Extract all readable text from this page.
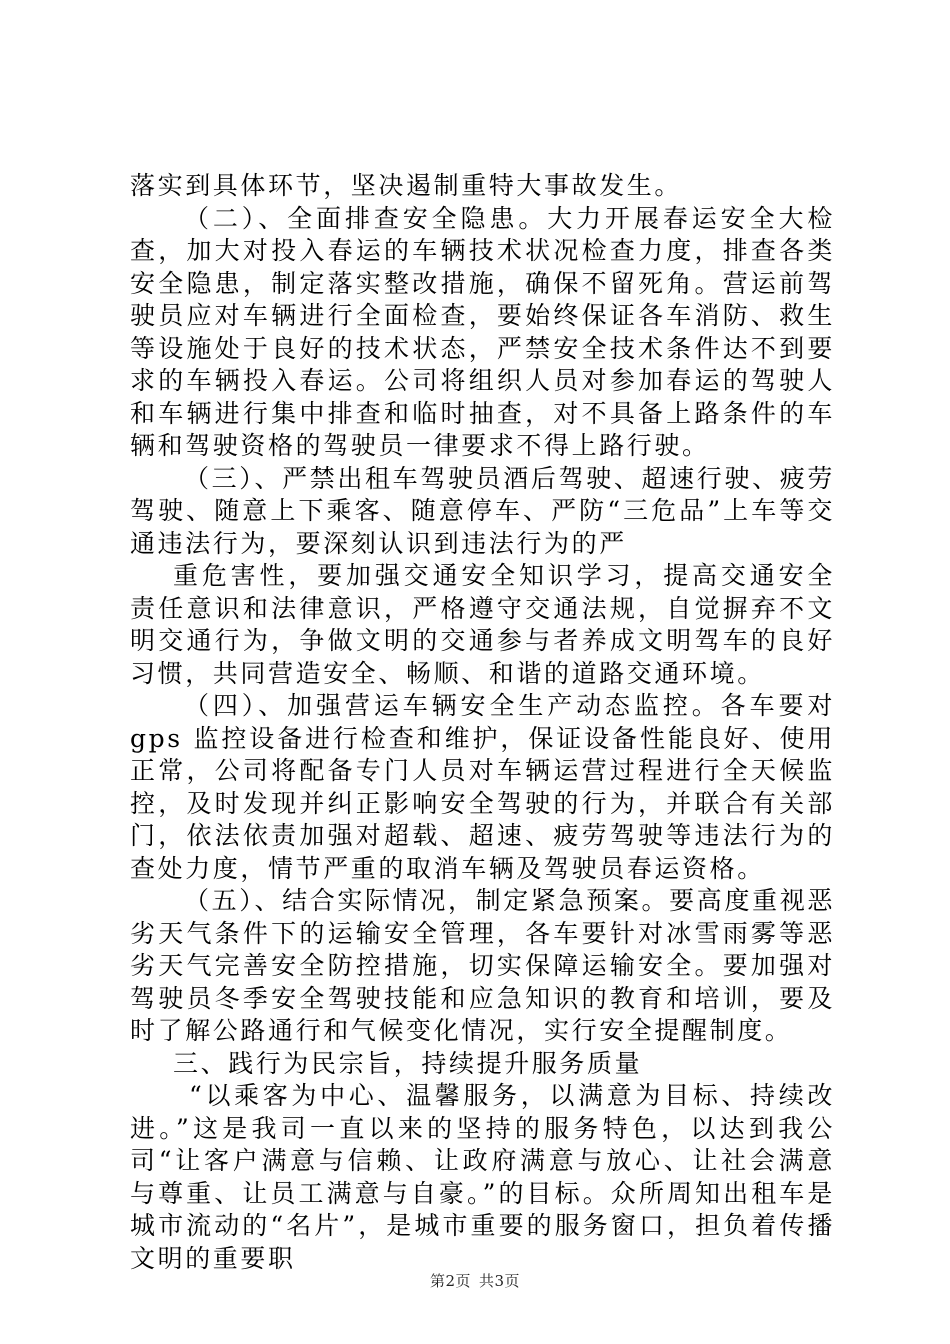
落实到具体环节，坚决遏制重特大事故发生。

（二）、全面排查安全隐患。大力开展春运安全大检查，加大对投入春运的车辆技术状况检查力度，排查各类安全隐患，制定落实整改措施，确保不留死角。营运前驾驶员应对车辆进行全面检查，要始终保证各车消防、救生等设施处于良好的技术状态，严禁安全技术条件达不到要求的车辆投入春运。公司将组织人员对参加春运的驾驶人和车辆进行集中排查和临时抽查，对不具备上路条件的车辆和驾驶资格的驾驶员一律要求不得上路行驶。

（三）、严禁出租车驾驶员酒后驾驶、超速行驶、疲劳驾驶、随意上下乘客、随意停车、严防“三危品”上车等交通违法行为，要深刻认识到违法行为的严

重危害性，要加强交通安全知识学习，提高交通安全责任意识和法律意识，严格遵守交通法规，自觉摒弃不文明交通行为，争做文明的交通参与者养成文明驾车的良好习惯，共同营造安全、畅顺、和谐的道路交通环境。

（四）、加强营运车辆安全生产动态监控。各车要对 gps 监控设备进行检查和维护，保证设备性能良好、使用正常，公司将配备专门人员对车辆运营过程进行全天候监控，及时发现并纠正影响安全驾驶的行为，并联合有关部门，依法依责加强对超载、超速、疲劳驾驶等违法行为的查处力度，情节严重的取消车辆及驾驶员春运资格。

（五）、结合实际情况，制定紧急预案。要高度重视恶劣天气条件下的运输安全管理，各车要针对冰雪雨雾等恶劣天气完善安全防控措施，切实保障运输安全。要加强对驾驶员冬季安全驾驶技能和应急知识的教育和培训，要及时了解公路通行和气候变化情况，实行安全提醒制度。

三、践行为民宗旨，持续提升服务质量

“以乘客为中心、温馨服务，以满意为目标、持续改进。”这是我司一直以来的坚持的服务特色，以达到我公司“让客户满意与信赖、让政府满意与放心、让社会满意与尊重、让员工满意与自豪。”的目标。众所周知出租车是城市流动的“名片”，是城市重要的服务窗口，担负着传播文明的重要职

第2页 共3页
